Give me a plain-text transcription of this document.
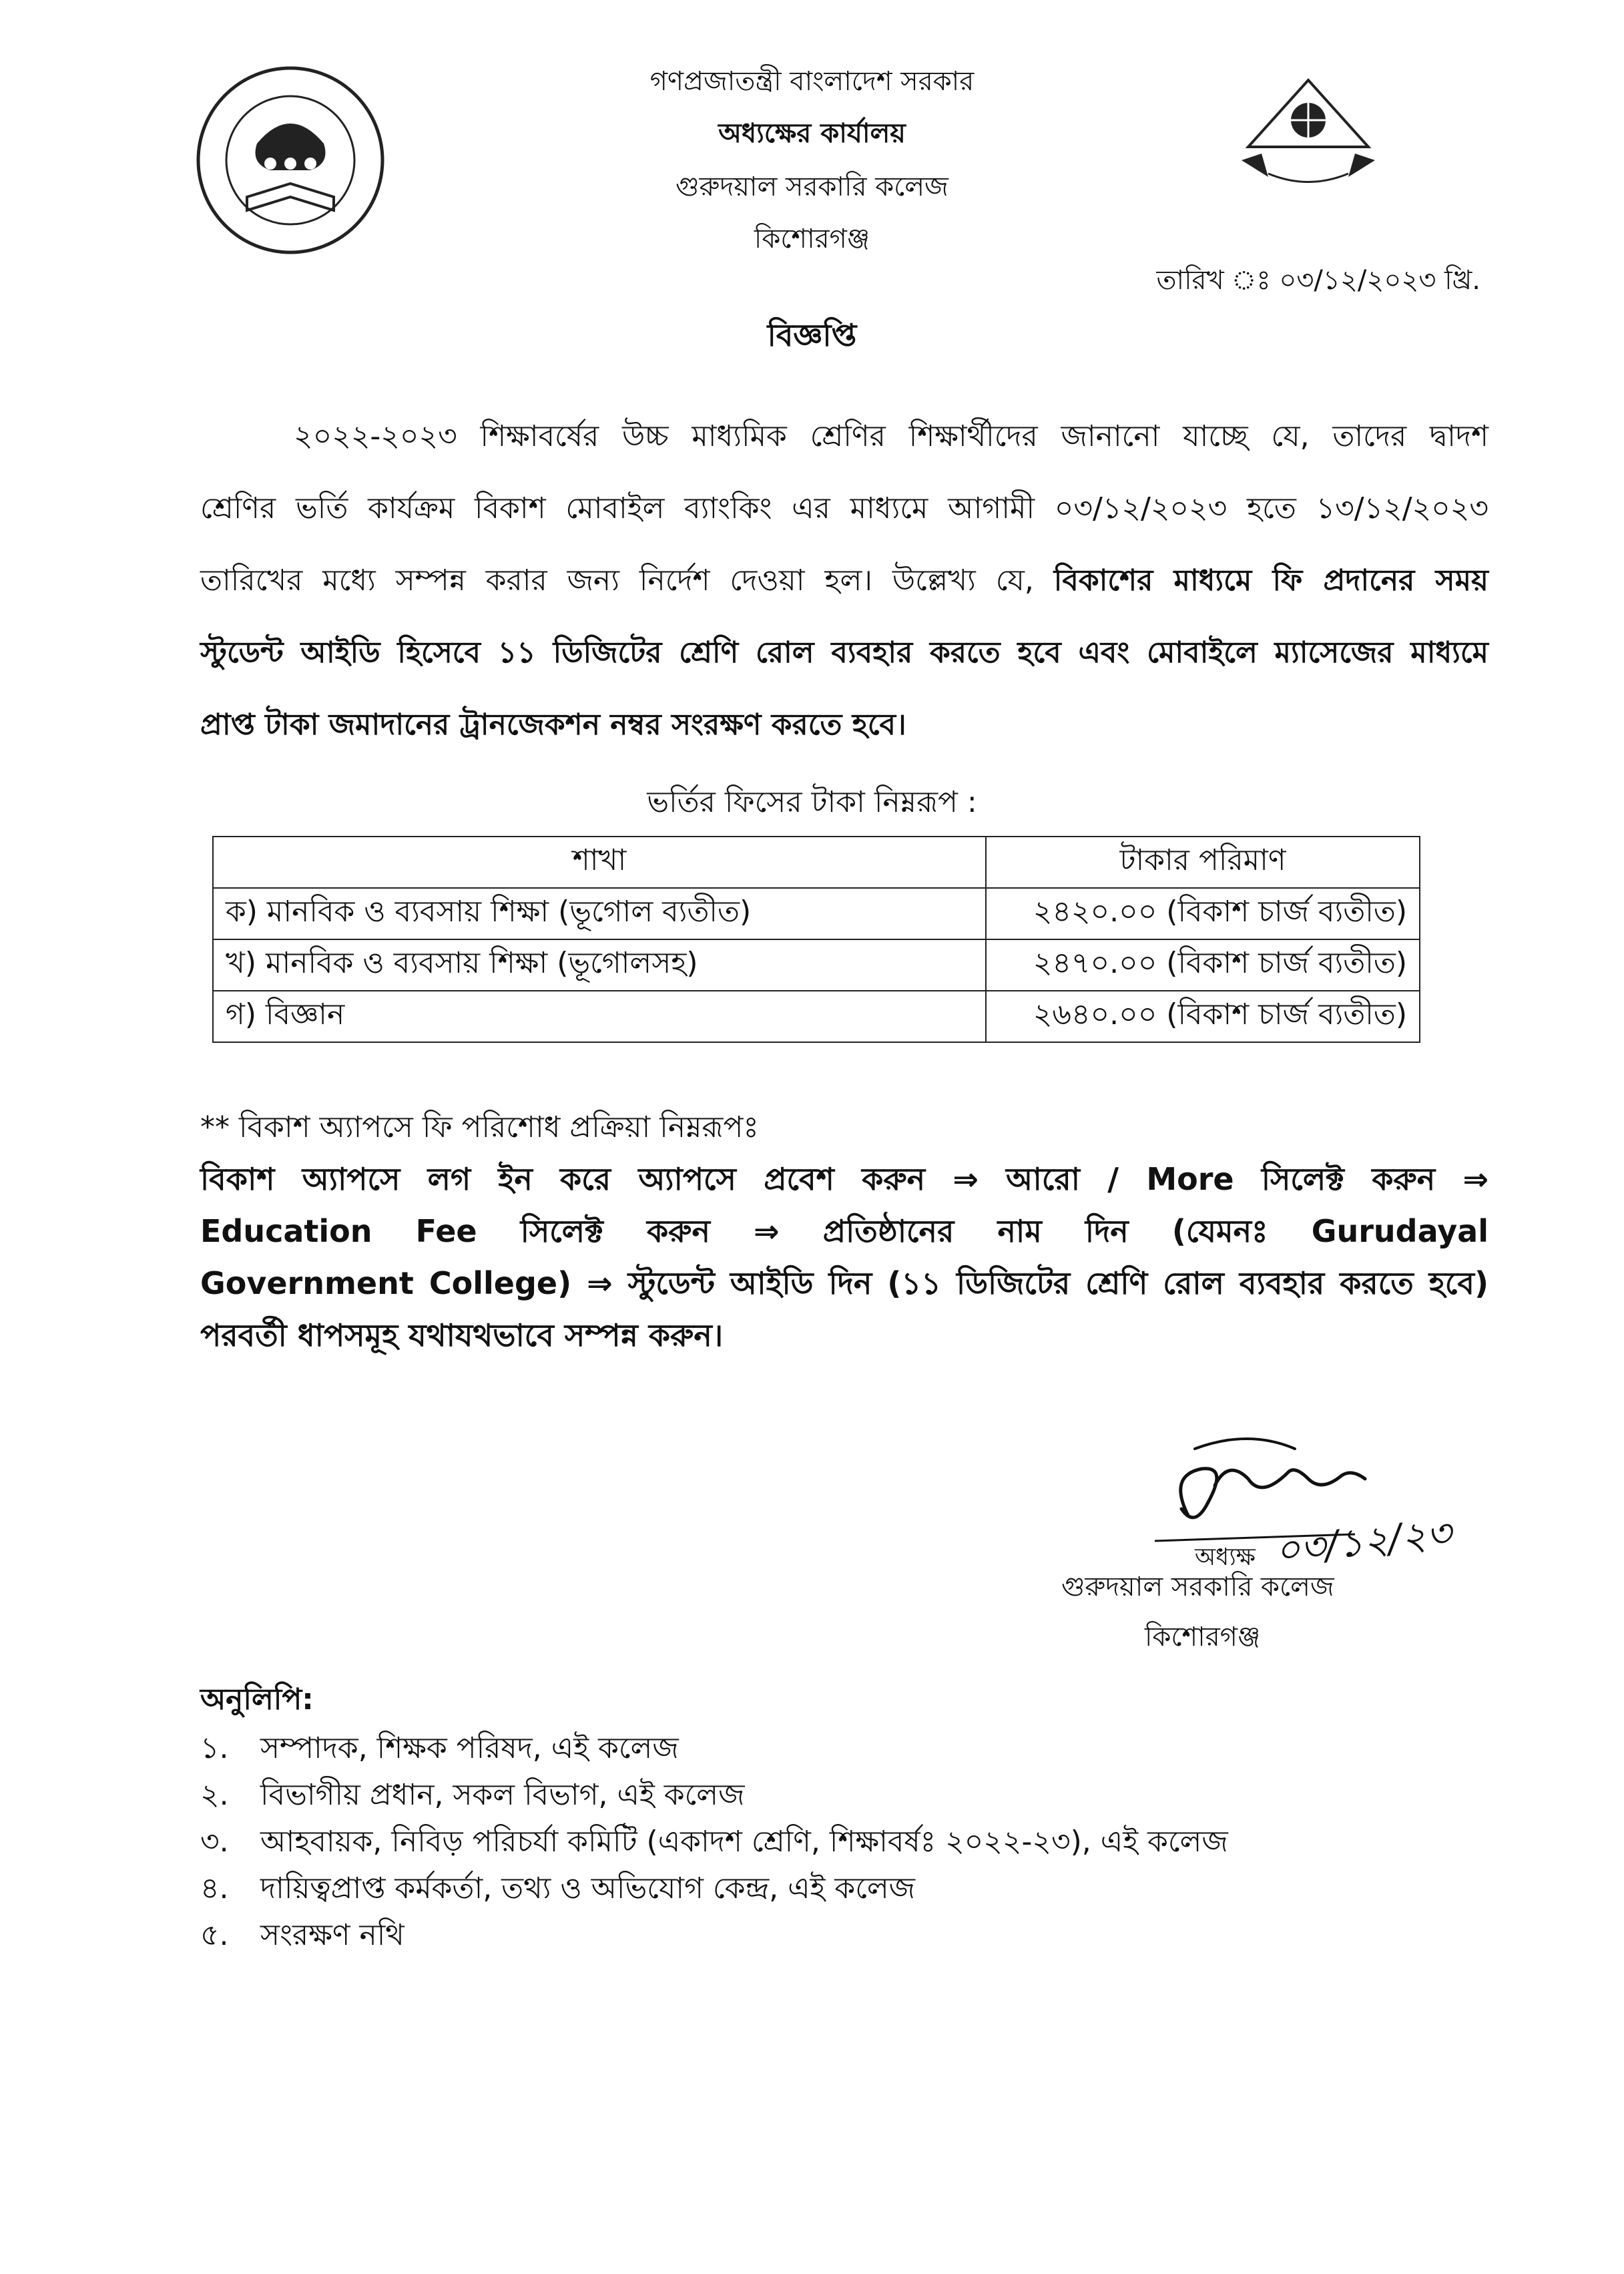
গণপ্রজাতন্ত্রী বাংলাদেশ সরকার
অধ্যক্ষের কার্যালয়
গুরুদয়াল সরকারি কলেজ
কিশোরগঞ্জ
তারিখ ঃ ০৩/১২/২০২৩ খ্রি.
বিজ্ঞপ্তি
২০২২-২০২৩ শিক্ষাবর্ষের উচ্চ মাধ্যমিক শ্রেণির শিক্ষার্থীদের জানানো যাচ্ছে যে, তাদের দ্বাদশ
শ্রেণির ভর্তি কার্যক্রম বিকাশ মোবাইল ব্যাংকিং এর মাধ্যমে আগামী ০৩/১২/২০২৩ হতে ১৩/১২/২০২৩
তারিখের মধ্যে সম্পন্ন করার জন্য নির্দেশ দেওয়া হল। উল্লেখ্য যে, বিকাশের মাধ্যমে ফি প্রদানের সময়
স্টুডেন্ট আইডি হিসেবে ১১ ডিজিটের শ্রেণি রোল ব্যবহার করতে হবে এবং মোবাইলে ম্যাসেজের মাধ্যমে
প্রাপ্ত টাকা জমাদানের ট্রানজেকশন নম্বর সংরক্ষণ করতে হবে।
ভর্তির ফিসের টাকা নিম্নরূপ :
শাখা	টাকার পরিমাণ
ক) মানবিক ও ব্যবসায় শিক্ষা (ভূগোল ব্যতীত)	২৪২০.০০ (বিকাশ চার্জ ব্যতীত)
খ) মানবিক ও ব্যবসায় শিক্ষা (ভূগোলসহ)	২৪৭০.০০ (বিকাশ চার্জ ব্যতীত)
গ) বিজ্ঞান	২৬৪০.০০ (বিকাশ চার্জ ব্যতীত)
** বিকাশ অ্যাপসে ফি পরিশোধ প্রক্রিয়া নিম্নরূপঃ
বিকাশ অ্যাপসে লগ ইন করে অ্যাপসে প্রবেশ করুন ⇒ আরো / More সিলেক্ট করুন ⇒
Education Fee সিলেক্ট করুন ⇒ প্রতিষ্ঠানের নাম দিন (যেমনঃ Gurudayal
Government College) ⇒ স্টুডেন্ট আইডি দিন (১১ ডিজিটের শ্রেণি রোল ব্যবহার করতে হবে)
পরবর্তী ধাপসমূহ যথাযথভাবে সম্পন্ন করুন।
অধ্যক্ষ ০৩/১২/২৩
গুরুদয়াল সরকারি কলেজ
কিশোরগঞ্জ
অনুলিপি:
১. সম্পাদক, শিক্ষক পরিষদ, এই কলেজ
২. বিভাগীয় প্রধান, সকল বিভাগ, এই কলেজ
৩. আহবায়ক, নিবিড় পরিচর্যা কমিটি (একাদশ শ্রেণি, শিক্ষাবর্ষঃ ২০২২-২৩), এই কলেজ
৪. দায়িত্বপ্রাপ্ত কর্মকর্তা, তথ্য ও অভিযোগ কেন্দ্র, এই কলেজ
৫. সংরক্ষণ নথি
